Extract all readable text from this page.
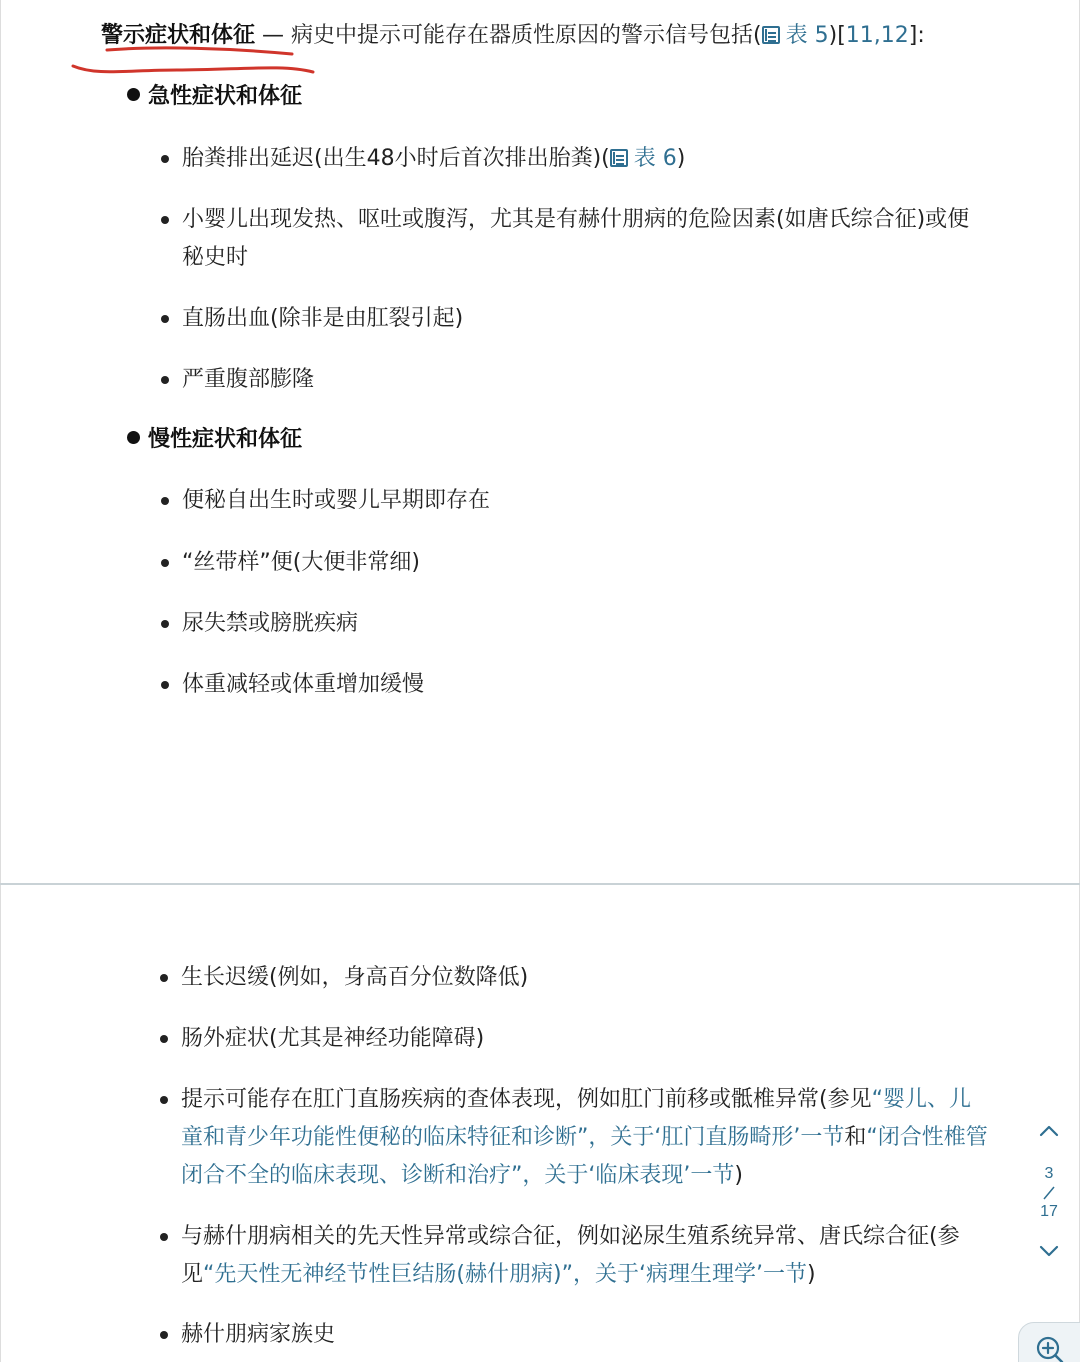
警示症状和体征 — 病史中提示可能存在器质性原因的警示信号包括( 表 5)[11,12]:
急性症状和体征
胎粪排出延迟(出生48小时后首次排出胎粪)( 表 6)
小婴儿出现发热、呕吐或腹泻，尤其是有赫什朋病的危险因素(如唐氏综合征)或便秘史时
直肠出血(除非是由肛裂引起)
严重腹部膨隆
慢性症状和体征
便秘自出生时或婴儿早期即存在
“丝带样”便(大便非常细)
尿失禁或膀胱疾病
体重减轻或体重增加缓慢
生长迟缓(例如，身高百分位数降低)
肠外症状(尤其是神经功能障碍)
提示可能存在肛门直肠疾病的查体表现，例如肛门前移或骶椎异常(参见“婴儿、儿童和青少年功能性便秘的临床特征和诊断”，关于‘肛门直肠畸形’一节和“闭合性椎管闭合不全的临床表现、诊断和治疗”，关于‘临床表现’一节)
与赫什朋病相关的先天性异常或综合征，例如泌尿生殖系统异常、唐氏综合征(参见“先天性无神经节性巨结肠(赫什朋病)”，关于‘病理生理学’一节)
赫什朋病家族史
3
17
